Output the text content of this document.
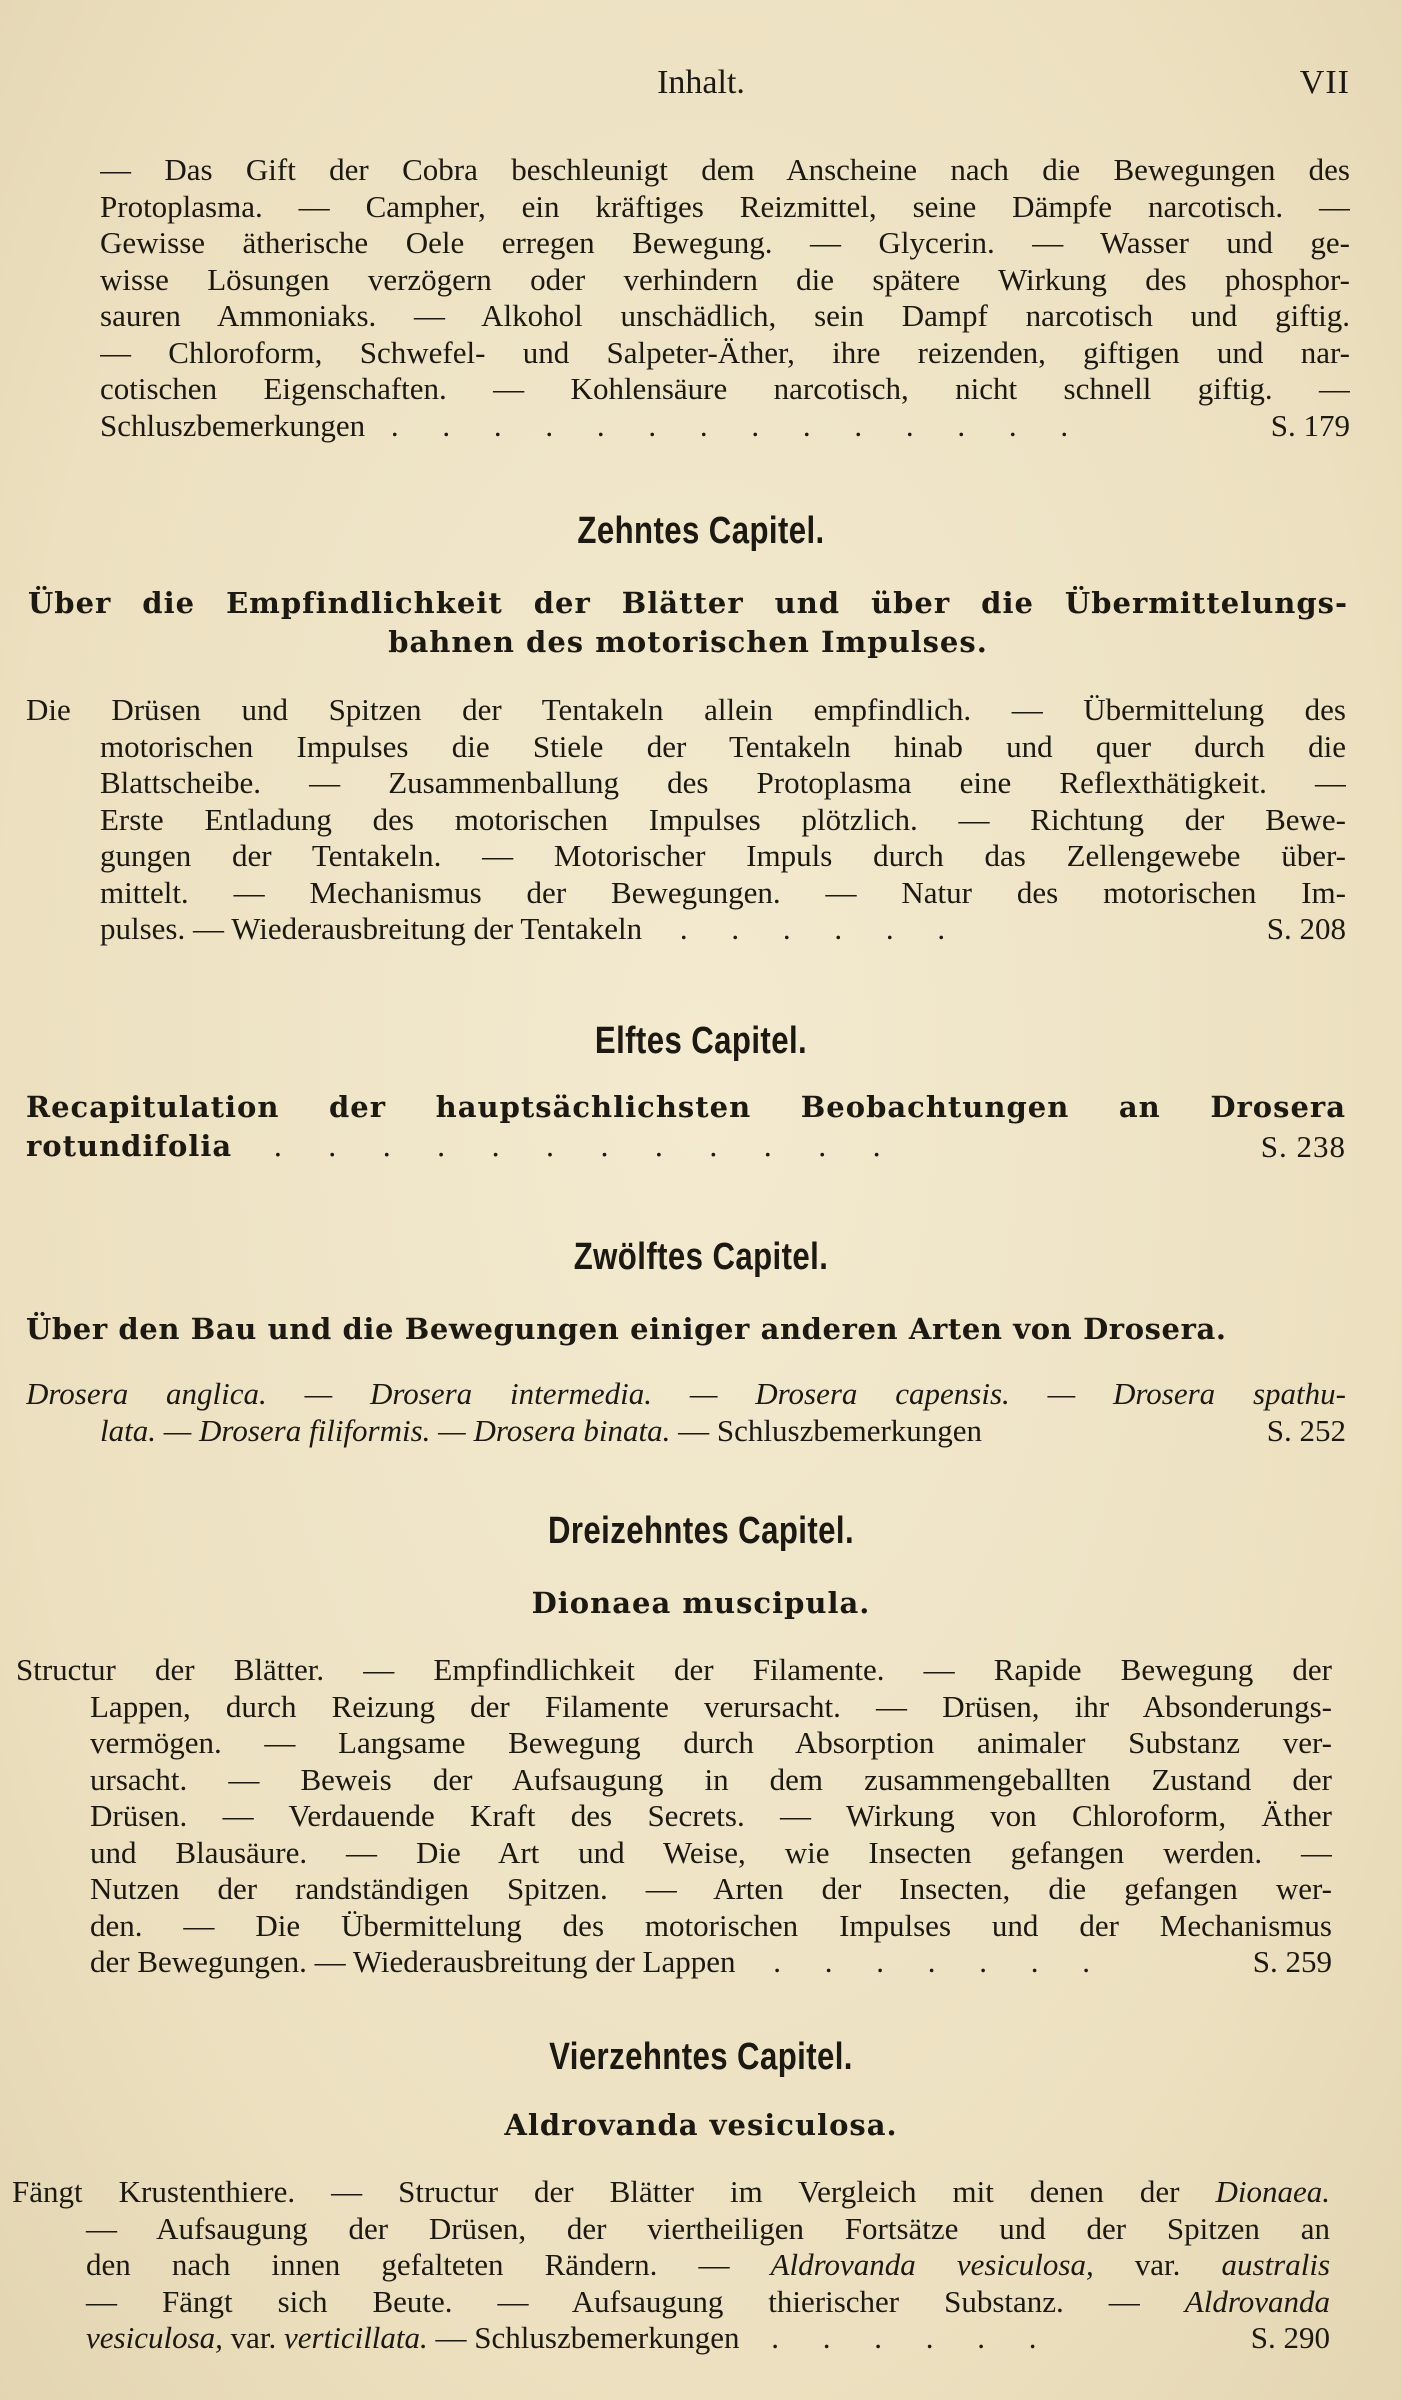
Inhalt.	VII
— Das Gift der Cobra beschleunigt dem Anscheine nach die Bewegungen des
Protoplasma. — Campher, ein kräftiges Reizmittel, seine Dämpfe narcotisch. —
Gewisse ätherische Oele erregen Bewegung. — Glycerin. — Wasser und ge-
wisse Lösungen verzögern oder verhindern die spätere Wirkung des phosphor-
sauren Ammoniaks. — Alkohol unschädlich, sein Dampf narcotisch und giftig.
— Chloroform, Schwefel- und Salpeter-Äther, ihre reizenden, giftigen und nar-
cotischen Eigenschaften. — Kohlensäure narcotisch, nicht schnell giftig. —
Schluszbemerkungen . . . . . . . . . . . . . .	S. 179
Zehntes Capitel.
Über die Empfindlichkeit der Blätter und über die Übermittelungs-
bahnen des motorischen Impulses.
Die Drüsen und Spitzen der Tentakeln allein empfindlich. — Übermittelung des
motorischen Impulses die Stiele der Tentakeln hinab und quer durch die
Blattscheibe. — Zusammenballung des Protoplasma eine Reflexthätigkeit. —
Erste Entladung des motorischen Impulses plötzlich. — Richtung der Bewe-
gungen der Tentakeln. — Motorischer Impuls durch das Zellengewebe über-
mittelt. — Mechanismus der Bewegungen. — Natur des motorischen Im-
pulses. — Wiederausbreitung der Tentakeln . . . . . .	S. 208
Elftes Capitel.
Recapitulation der hauptsächlichsten Beobachtungen an Drosera
rotundifolia . . . . . . . . . . . .	S. 238
Zwölftes Capitel.
Über den Bau und die Bewegungen einiger anderen Arten von Drosera.
Drosera anglica. — Drosera intermedia. — Drosera capensis. — Drosera spathu-
lata. — Drosera filiformis. — Drosera binata. — Schluszbemerkungen	S. 252
Dreizehntes Capitel.
Dionaea muscipula.
Structur der Blätter. — Empfindlichkeit der Filamente. — Rapide Bewegung der
Lappen, durch Reizung der Filamente verursacht. — Drüsen, ihr Absonderungs-
vermögen. — Langsame Bewegung durch Absorption animaler Substanz ver-
ursacht. — Beweis der Aufsaugung in dem zusammengeballten Zustand der
Drüsen. — Verdauende Kraft des Secrets. — Wirkung von Chloroform, Äther
und Blausäure. — Die Art und Weise, wie Insecten gefangen werden. —
Nutzen der randständigen Spitzen. — Arten der Insecten, die gefangen wer-
den. — Die Übermittelung des motorischen Impulses und der Mechanismus
der Bewegungen. — Wiederausbreitung der Lappen . . . . . . .	S. 259
Vierzehntes Capitel.
Aldrovanda vesiculosa.
Fängt Krustenthiere. — Structur der Blätter im Vergleich mit denen der Dionaea.
— Aufsaugung der Drüsen, der viertheiligen Fortsätze und der Spitzen an
den nach innen gefalteten Rändern. — Aldrovanda vesiculosa, var. australis
— Fängt sich Beute. — Aufsaugung thierischer Substanz. — Aldrovanda
vesiculosa, var. verticillata. — Schluszbemerkungen . . . . . .	S. 290
